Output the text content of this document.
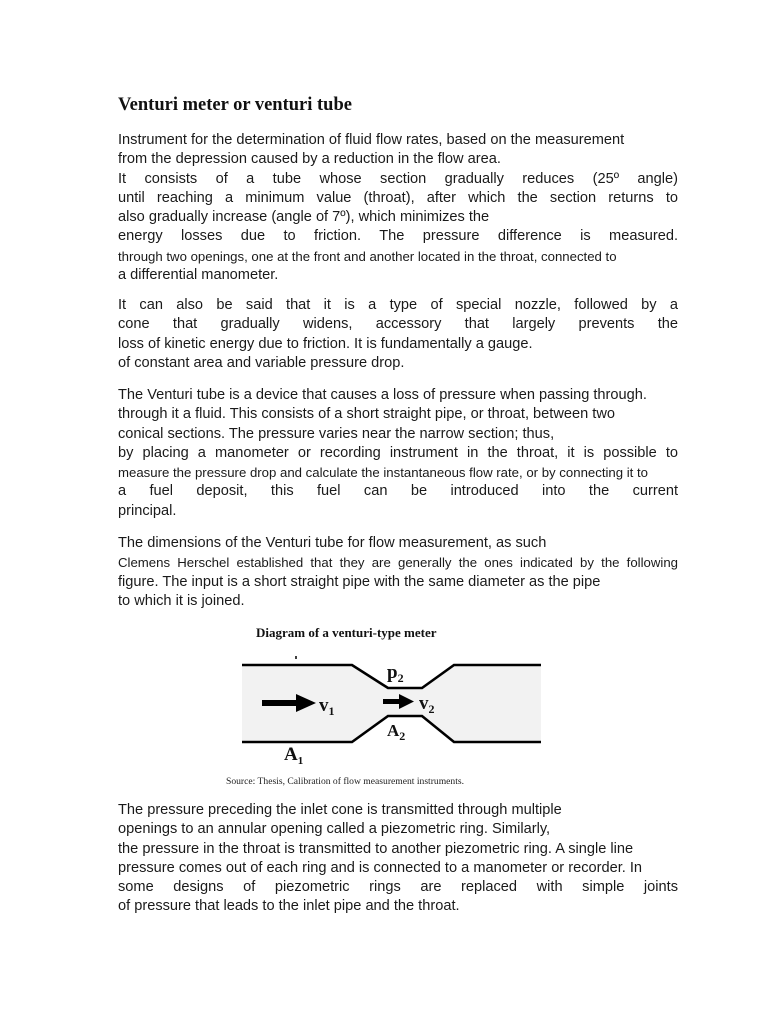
Venturi meter or venturi tube
Instrument for the determination of fluid flow rates, based on the measurement
from the depression caused by a reduction in the flow area.
It consists of a tube whose section gradually reduces (25º angle)
until reaching a minimum value (throat), after which the section returns to
also gradually increase (angle of 7º), which minimizes the
energy losses due to friction. The pressure difference is measured.
through two openings, one at the front and another located in the throat, connected to
a differential manometer.
It can also be said that it is a type of special nozzle, followed by a
cone that gradually widens, accessory that largely prevents the
loss of kinetic energy due to friction. It is fundamentally a gauge.
of constant area and variable pressure drop.
The Venturi tube is a device that causes a loss of pressure when passing through.
through it a fluid. This consists of a short straight pipe, or throat, between two
conical sections. The pressure varies near the narrow section; thus,
by placing a manometer or recording instrument in the throat, it is possible to
measure the pressure drop and calculate the instantaneous flow rate, or by connecting it to
a fuel deposit, this fuel can be introduced into the current
principal.
The dimensions of the Venturi tube for flow measurement, as such
Clemens Herschel established that they are generally the ones indicated by the following
figure. The input is a short straight pipe with the same diameter as the pipe
to which it is joined.

Diagram of a venturi-type meter

$v_1$	$v_2$
$p_2$
$A_2$
$A_1$

Source: Thesis, Calibration of flow measurement instruments.

The pressure preceding the inlet cone is transmitted through multiple
openings to an annular opening called a piezometric ring. Similarly,
the pressure in the throat is transmitted to another piezometric ring. A single line
pressure comes out of each ring and is connected to a manometer or recorder. In
some designs of piezometric rings are replaced with simple joints
of pressure that leads to the inlet pipe and the throat.
